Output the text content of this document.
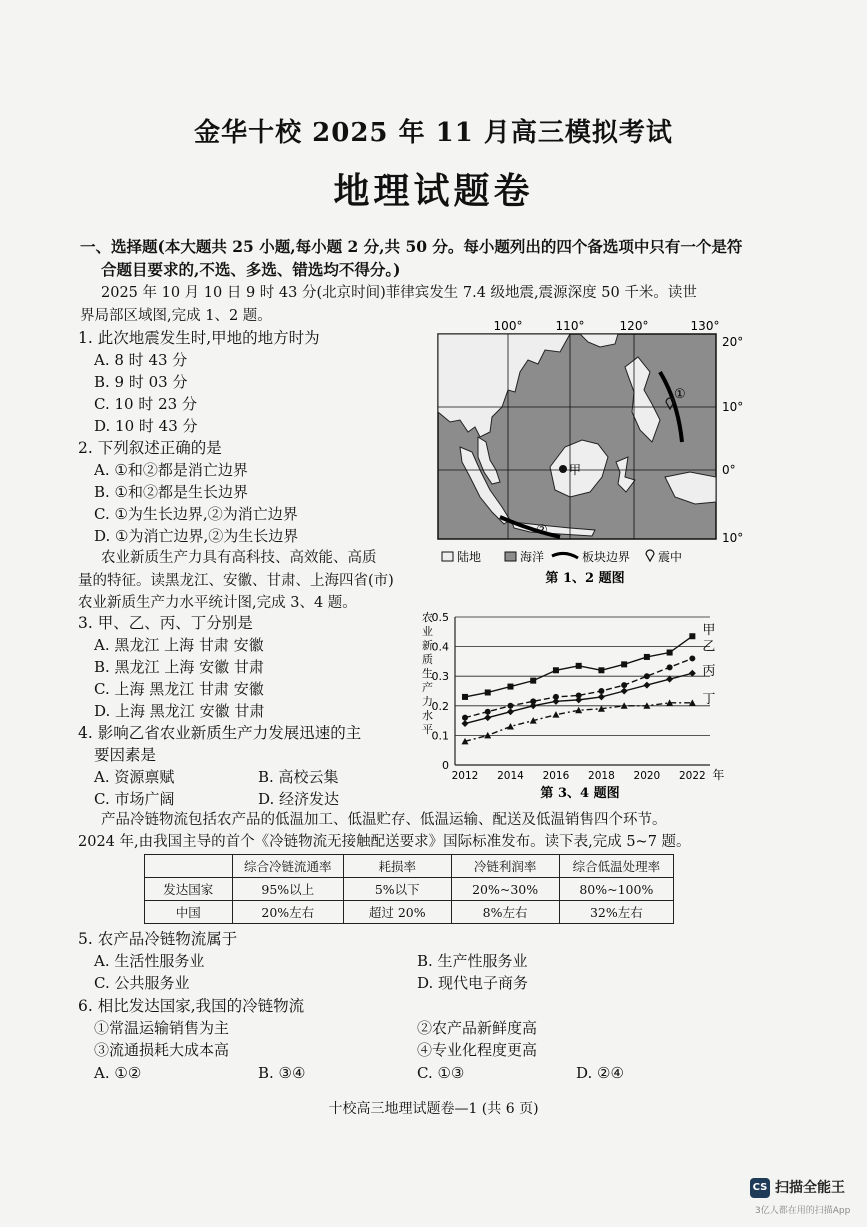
金华十校 2025 年 11 月高三模拟考试
地理试题卷
一、选择题(本大题共 25 小题,每小题 2 分,共 50 分。每小题列出的四个备选项中只有一个是符
合题目要求的,不选、多选、错选均不得分。)
2025 年 10 月 10 日 9 时 43 分(北京时间)菲律宾发生 7.4 级地震,震源深度 50 千米。读世
界局部区域图,完成 1、2 题。
1. 此次地震发生时,甲地的地方时为
A. 8 时 43 分
B. 9 时 03 分
C. 10 时 23 分
D. 10 时 43 分
2. 下列叙述正确的是
A. ①和②都是消亡边界
B. ①和②都是生长边界
C. ①为生长边界,②为消亡边界
D. ①为消亡边界,②为生长边界
100°	110°	120°	130°
甲
①
②
20°
10°
0°
10°
陆地	海洋	板块边界 震中
第 1、2 题图
农业新质生产力具有高科技、高效能、高质
量的特征。读黑龙江、安徽、甘肃、上海四省(市)
农业新质生产力水平统计图,完成 3、4 题。
3. 甲、乙、丙、丁分别是
A. 黑龙江 上海 甘肃 安徽
B. 黑龙江 上海 安徽 甘肃
C. 上海 黑龙江 甘肃 安徽
D. 上海 黑龙江 安徽 甘肃
4. 影响乙省农业新质生产力发展迅速的主
要因素是
A. 资源禀赋	B. 高校云集
C. 市场广阔	D. 经济发达
农业新质生产力水平
0
0.1
0.2
0.3
0.4
0.5
2012 2014 2016 2018 2020 2022 年
甲
乙
丙
丁
第 3、4 题图
产品冷链物流包括农产品的低温加工、低温贮存、低温运输、配送及低温销售四个环节。
2024 年,由我国主导的首个《冷链物流无接触配送要求》国际标准发布。读下表,完成 5~7 题。
	综合冷链流通率	耗损率	冷链利润率	综合低温处理率
发达国家	95%以上	5%以下	20%~30%	80%~100%
中国	20%左右	超过 20%	8%左右	32%左右
5. 农产品冷链物流属于
A. 生活性服务业	B. 生产性服务业
C. 公共服务业	D. 现代电子商务
6. 相比发达国家,我国的冷链物流
①常温运输销售为主	②农产品新鲜度高
③流通损耗大成本高	④专业化程度更高
A. ①②	B. ③④	C. ①③	D. ②④
十校高三地理试题卷—1 (共 6 页)
CS 扫描全能王
3亿人都在用的扫描App
